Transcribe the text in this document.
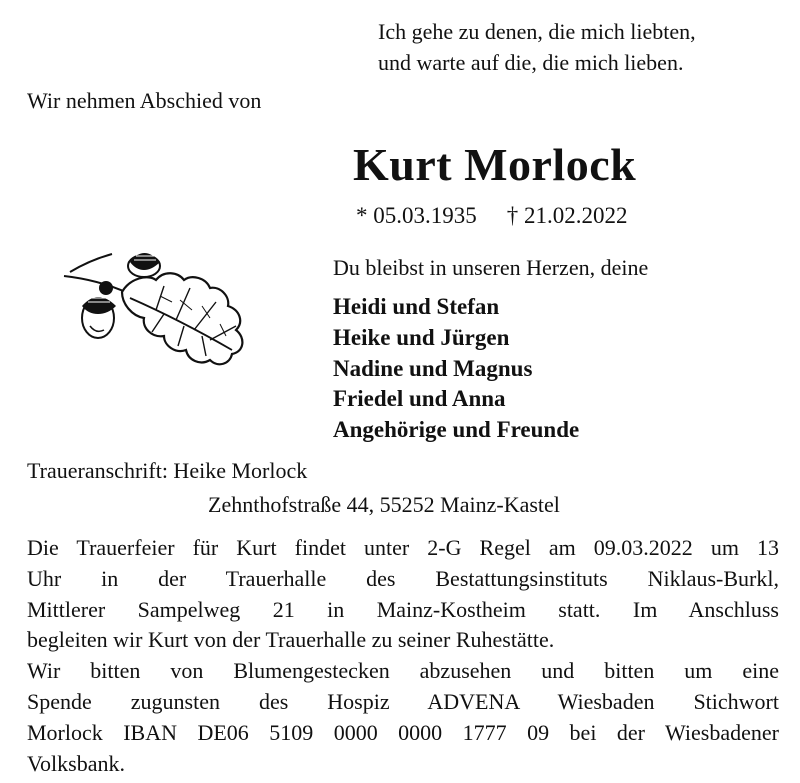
Ich gehe zu denen, die mich liebten,
und warte auf die, die mich lieben.

Wir nehmen Abschied von

Kurt Morlock

* 05.03.1935 † 21.02.2022

Du bleibst in unseren Herzen, deine

Heidi und Stefan
Heike und Jürgen
Nadine und Magnus
Friedel und Anna
Angehörige und Freunde

Traueranschrift: Heike Morlock

Zehnthofstraße 44, 55252 Mainz-Kastel

Die Trauerfeier für Kurt findet unter 2-G Regel am 09.03.2022 um 13
Uhr in der Trauerhalle des Bestattungsinstituts Niklaus-Burkl,
Mittlerer Sampelweg 21 in Mainz-Kostheim statt. Im Anschluss
begleiten wir Kurt von der Trauerhalle zu seiner Ruhestätte.
Wir bitten von Blumengestecken abzusehen und bitten um eine
Spende zugunsten des Hospiz ADVENA Wiesbaden Stichwort
Morlock IBAN DE06 5109 0000 0000 1777 09 bei der Wiesbadener
Volksbank.
